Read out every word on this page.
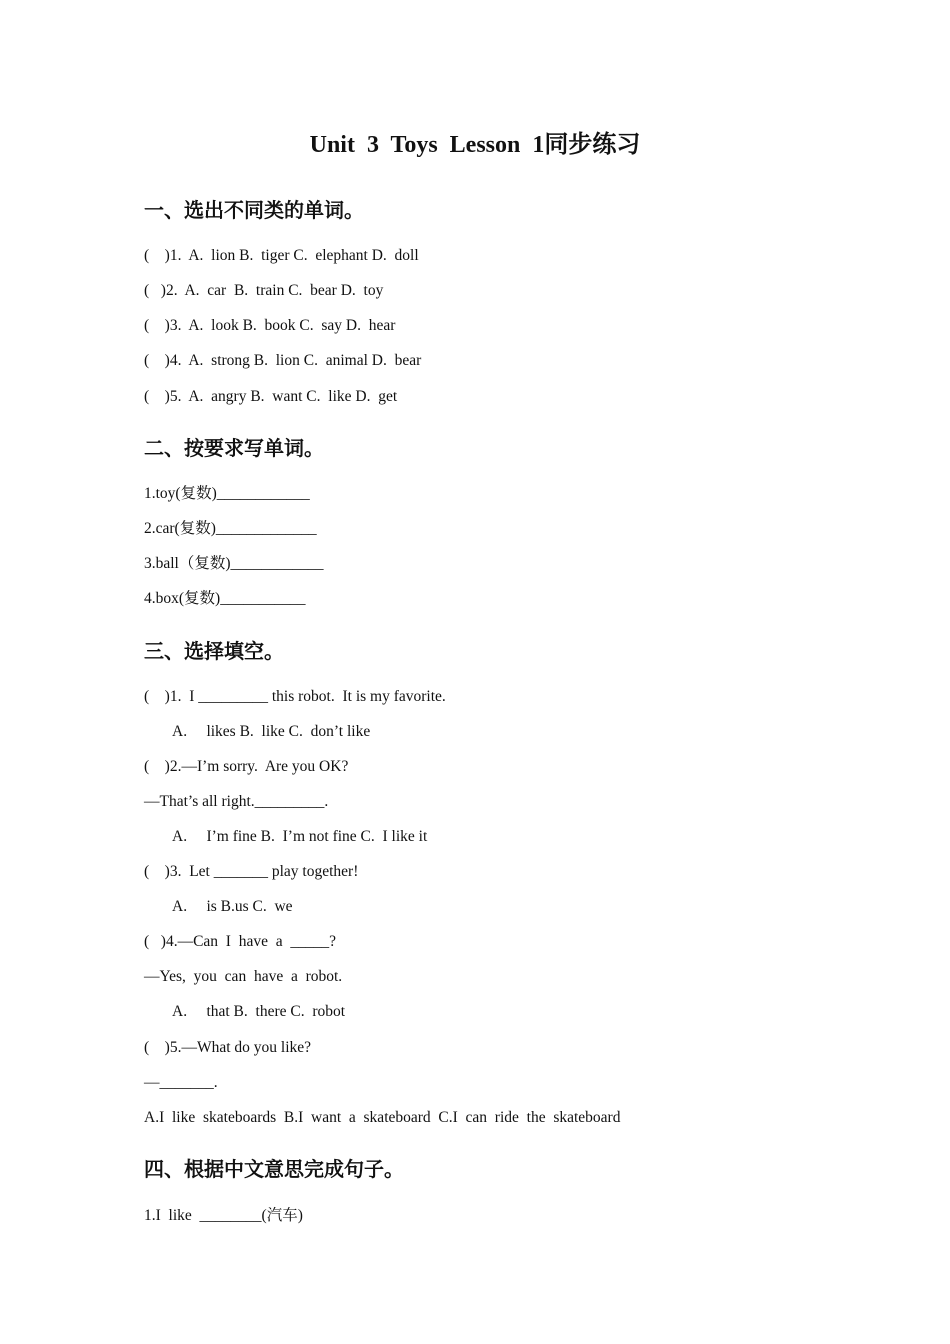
Unit  3  Toys  Lesson  1同步练习
一、选出不同类的单词。
(    )1.  A.  lion B.  tiger C.  elephant D.  doll
(   )2.  A.  car  B.  train C.  bear D.  toy
(    )3.  A.  look B.  book C.  say D.  hear
(    )4.  A.  strong B.  lion C.  animal D.  bear
(    )5.  A.  angry B.  want C.  like D.  get
二、按要求写单词。
1.toy(复数)____________
2.car(复数)_____________
3.ball（复数)____________
4.box(复数)___________
三、选择填空。
(    )1.  I _________ this robot.  It is my favorite.
A.     likes B.  like C.  don’t like
(    )2.—I’m sorry.  Are you OK?
—That’s all right._________.
A.     I’m fine B.  I’m not fine C.  I like it
(    )3.  Let _______ play together!
A.     is B.us C.  we
(   )4.—Can  I  have  a  _____?
—Yes,  you  can  have  a  robot.
A.     that B.  there C.  robot
(    )5.—What do you like?
—_______.
A.I  like  skateboards  B.I  want  a  skateboard  C.I  can  ride  the  skateboard
四、根据中文意思完成句子。
1.I  like  ________(汽车)
